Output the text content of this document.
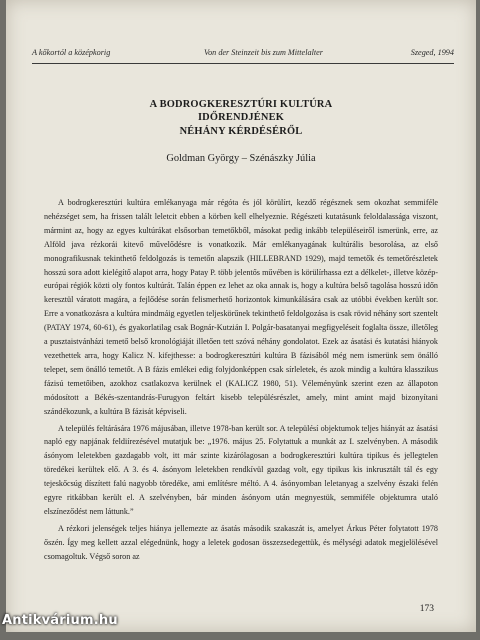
A kőkortól a középkorig	Von der Steinzeit bis zum Mittelalter	Szeged, 1994
A BODROGKERESZTÚRI KULTÚRA
IDŐRENDJÉNEK
NÉHÁNY KÉRDÉSÉRŐL
Goldman György – Szénászky Júlia

A bodrogkeresztúri kultúra emlékanyaga már régóta és jól körülírt, kezdő régésznek sem okozhat semmiféle nehézséget sem, ha frissen talált leletcit ebben a körben kell elhelyeznie. Régészeti kutatásunk feloldalassága viszont, mármint az, hogy az egyes kultúrákat elsősorban temetőkből, másokat pedig inkább településeiről ismerünk, erre, az Alföld java rézkorái kitevő művelődésre is vonatkozik. Már emlékanyagának kultúrális besorolása, az első monografikusnak tekinthető feldolgozás is temetőn alapszik (HILLEBRAND 1929), majd temetők és temetőrészletek hosszú sora adott kielégítő alapot arra, hogy Patay P. több jelentős művében is körülírhassa ezt a délkelet-, illetve közép-európai régiók közti oly fontos kultúrát. Talán éppen ez lehet az oka annak is, hogy a kultúra belső tagolása hosszú időn keresztül váratott magára, a fejlődése során felismerhető horizontok kimunkálására csak az utóbbi években került sor. Erre a vonatkozásra a kultúra mindmáig egyetlen teljeskörűnek tekinthető feldolgozása is csak rövid néhány sort szentelt (PATAY 1974, 60-61), és gyakorlatilag csak Bognár-Kutzián I. Polgár-basatanyai megfigyeléseit foglalta össze, illetőleg a pusztaistvánházi temető belső kronológiáját illetően tett szóvá néhány gondolatot. Ezek az ásatási és kutatási hiányok vezethettek arra, hogy Kalicz N. kifejthesse: a bodrogkeresztúri kultúra B fázisából még nem ismerünk sem önálló telepet, sem önálló temetőt. A B fázis emlékei edig folyjdonképpen csak sírleletek, és azok mindig a kultúra klasszikus fázisú temetőiben, azokhoz csatlakozva kerülnek el (KALICZ 1980, 51). Véleményünk szerint ezen az állapoton módosított a Békés-szentandrás-Furugyon feltárt kisebb településrészlet, amely, mint amint majd bizonyítani szándékozunk, a kultúra B fázisát képviseli.

A település feltárására 1976 májusában, illetve 1978-ban került sor. A településí objektumok teljes hiányát az ásatási napló egy napjának feldiírezésével mutatjuk be: „1976. május 25. Folytattuk a munkát az I. szelvényben. A második ásónyom leletekben gazdagabb volt, itt már szinte kizárólagosan a bodrogkeresztúri kultúra tipikus és jellegtelen töredékei kerültek elő. A 3. és 4. ásónyom leletekben rendkívül gazdag volt, egy tipikus kis inkrusztált tál és egy tejeskőcsúg díszített falú nagyobb töredéke, ami említésre méltó. A 4. ásónyomban leletanyag a szelvény északi felén egyre ritkábban került el. A szelvényben, bár minden ásónyom után megnyestük, semmiféle objektumra utaló elszíneződést nem láttunk.”

A rézkori jelenségek teljes hiánya jellemezte az ásatás második szakaszát is, amelyet Árkus Péter folytatott 1978 őszén. Így meg kellett azzal elégednünk, hogy a leletek godosan összezsedegettük, és mélységi adatok megjelölésével csomagoltuk. Végső soron az

173
Antikvárium.hu
